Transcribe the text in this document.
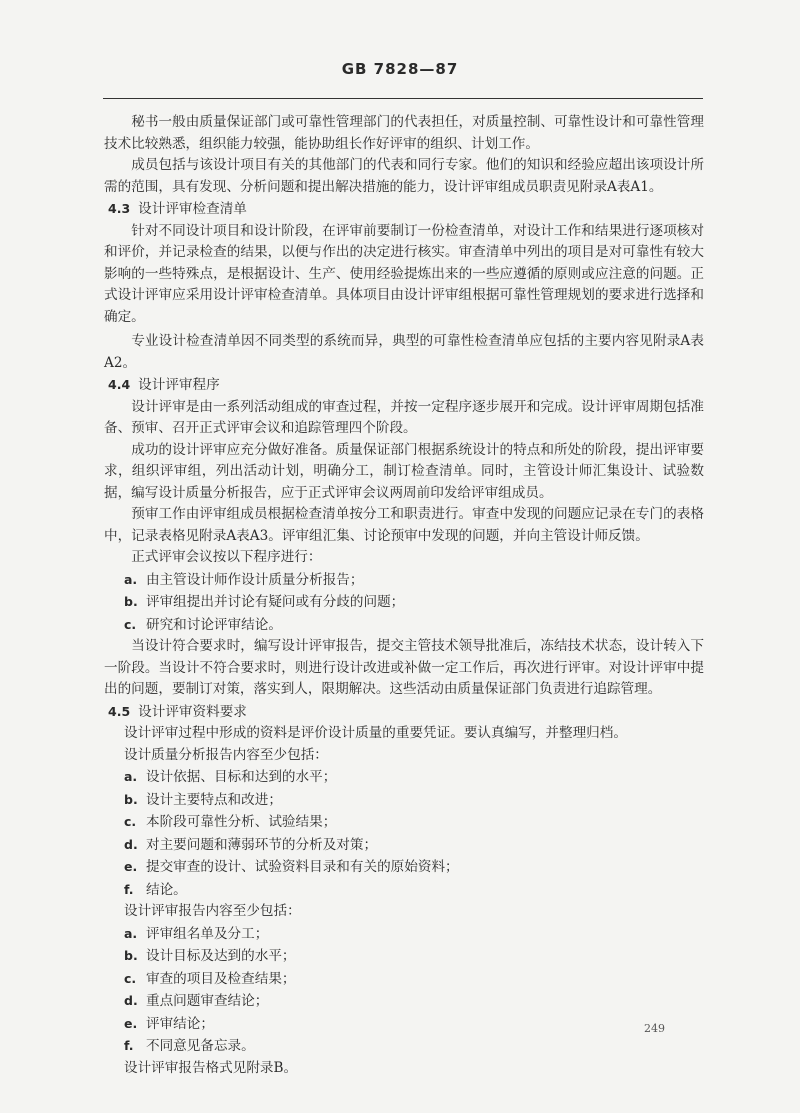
GB 7828—87

秘书一般由质量保证部门或可靠性管理部门的代表担任，对质量控制、可靠性设计和可靠性管理技术比较熟悉，组织能力较强，能协助组长作好评审的组织、计划工作。

成员包括与该设计项目有关的其他部门的代表和同行专家。他们的知识和经验应超出该项设计所需的范围，具有发现、分析问题和提出解决措施的能力，设计评审组成员职责见附录A表A1。

4.3 设计评审检查清单

针对不同设计项目和设计阶段，在评审前要制订一份检查清单，对设计工作和结果进行逐项核对和评价，并记录检查的结果，以便与作出的决定进行核实。审查清单中列出的项目是对可靠性有较大影响的一些特殊点，是根据设计、生产、使用经验提炼出来的一些应遵循的原则或应注意的问题。正式设计评审应采用设计评审检查清单。具体项目由设计评审组根据可靠性管理规划的要求进行选择和确定。

专业设计检查清单因不同类型的系统而异，典型的可靠性检查清单应包括的主要内容见附录A表A2。

4.4 设计评审程序

设计评审是由一系列活动组成的审查过程，并按一定程序逐步展开和完成。设计评审周期包括准备、预审、召开正式评审会议和追踪管理四个阶段。

成功的设计评审应充分做好准备。质量保证部门根据系统设计的特点和所处的阶段，提出评审要求，组织评审组，列出活动计划，明确分工，制订检查清单。同时，主管设计师汇集设计、试验数据，编写设计质量分析报告，应于正式评审会议两周前印发给评审组成员。

预审工作由评审组成员根据检查清单按分工和职责进行。审查中发现的问题应记录在专门的表格中，记录表格见附录A表A3。评审组汇集、讨论预审中发现的问题，并向主管设计师反馈。

正式评审会议按以下程序进行：

a. 由主管设计师作设计质量分析报告；

b. 评审组提出并讨论有疑问或有分歧的问题；

c. 研究和讨论评审结论。

当设计符合要求时，编写设计评审报告，提交主管技术领导批准后，冻结技术状态，设计转入下一阶段。当设计不符合要求时，则进行设计改进或补做一定工作后，再次进行评审。对设计评审中提出的问题，要制订对策，落实到人，限期解决。这些活动由质量保证部门负责进行追踪管理。

4.5 设计评审资料要求

设计评审过程中形成的资料是评价设计质量的重要凭证。要认真编写，并整理归档。

设计质量分析报告内容至少包括：

a. 设计依据、目标和达到的水平；

b. 设计主要特点和改进；

c. 本阶段可靠性分析、试验结果；

d. 对主要问题和薄弱环节的分析及对策；

e. 提交审查的设计、试验资料目录和有关的原始资料；

f. 结论。

设计评审报告内容至少包括：

a. 评审组名单及分工；

b. 设计目标及达到的水平；

c. 审查的项目及检查结果；

d. 重点问题审查结论；

e. 评审结论；

f. 不同意见备忘录。

设计评审报告格式见附录B。

249
